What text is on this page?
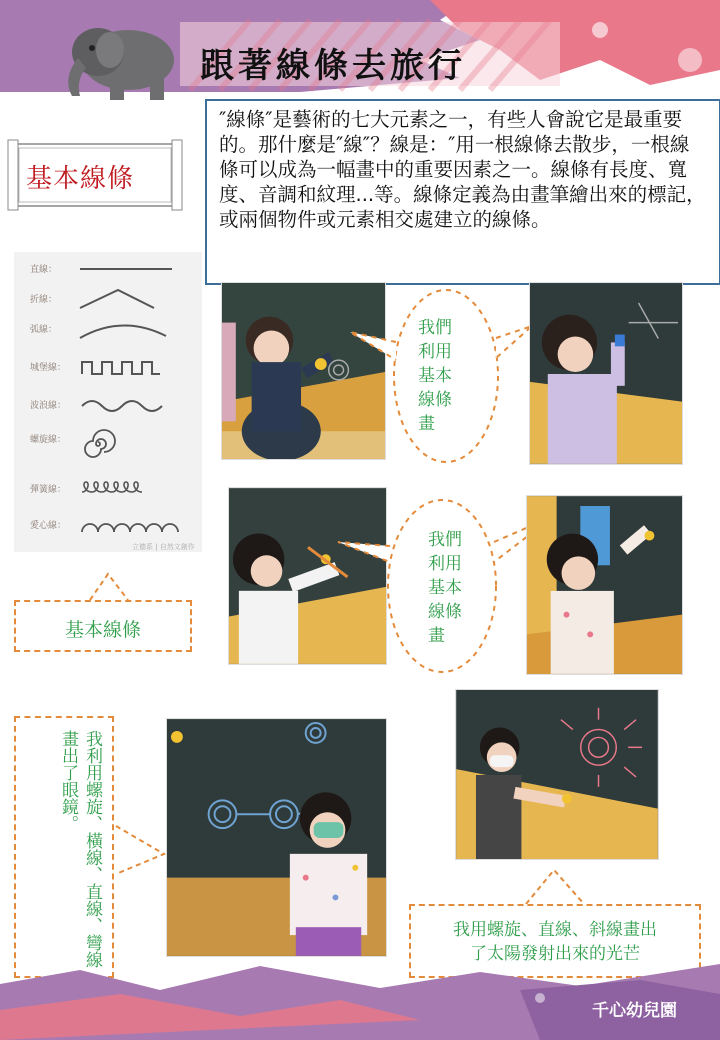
跟著線條去旅行
″線條″是藝術的七大元素之一，有些人會說它是最重要的。那什麼是″線″？線是：″用一根線條去散步，一根線條可以成為一幅畫中的重要因素之一。線條有長度、寬度、音調和紋理...等。線條定義為由畫筆繪出來的標記，或兩個物件或元素相交處建立的線條。
基本線條
直線：
折線：
弧線：
城堡線：
波浪線：
螺旋線：
彈簧線：
愛心線：
立德系 | 自然文創作
基本線條
我們
利用
基本
線條
畫
我們
利用
基本
線條
畫
我利用螺旋、橫線、直線、彎線畫出了眼鏡。
我用螺旋、直線、斜線畫出
了太陽發射出來的光芒
千心幼兒園
